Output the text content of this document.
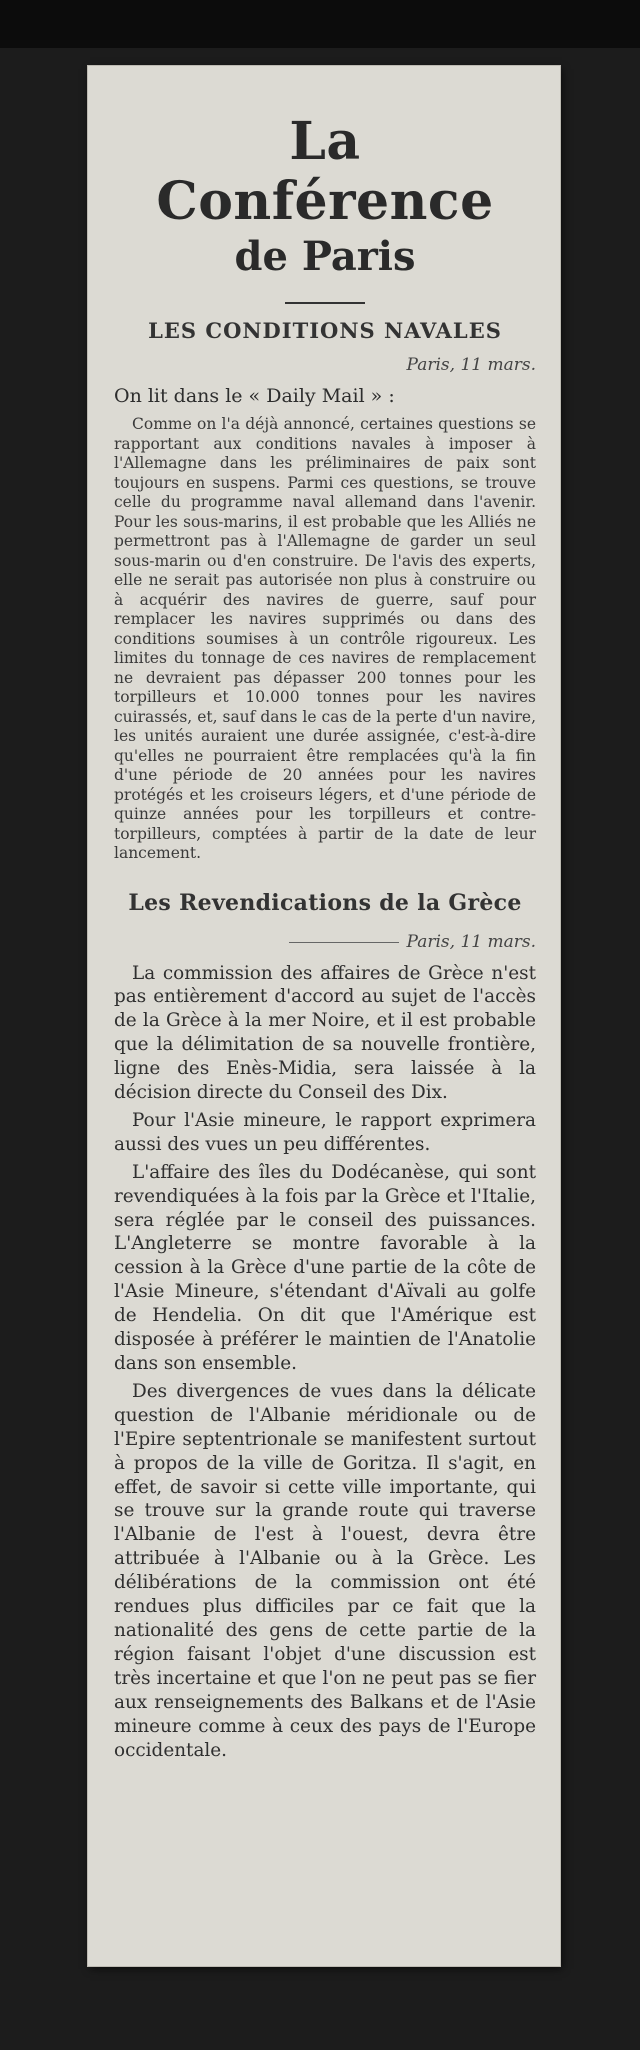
La Conférence
de Paris
LES CONDITIONS NAVALES
Paris, 11 mars.
On lit dans le « Daily Mail » :

Comme on l'a déjà annoncé, certaines questions se rapportant aux conditions navales à imposer à l'Allemagne dans les préliminaires de paix sont toujours en suspens. Parmi ces questions, se trouve celle du programme naval allemand dans l'avenir. Pour les sous-marins, il est probable que les Alliés ne permettront pas à l'Allemagne de garder un seul sous-marin ou d'en construire. De l'avis des experts, elle ne serait pas autorisée non plus à construire ou à acquérir des navires de guerre, sauf pour remplacer les navires supprimés ou dans des conditions soumises à un contrôle rigoureux. Les limites du tonnage de ces navires de remplacement ne devraient pas dépasser 200 tonnes pour les torpilleurs et 10.000 tonnes pour les navires cuirassés, et, sauf dans le cas de la perte d'un navire, les unités auraient une durée assignée, c'est-à-dire qu'elles ne pourraient être remplacées qu'à la fin d'une période de 20 années pour les navires protégés et les croiseurs légers, et d'une période de quinze années pour les torpilleurs et contre-torpilleurs, comptées à partir de la date de leur lancement.

Les Revendications de la Grèce
Paris, 11 mars.

La commission des affaires de Grèce n'est pas entièrement d'accord au sujet de l'accès de la Grèce à la mer Noire, et il est probable que la délimitation de sa nouvelle frontière, ligne des Enès-Midia, sera laissée à la décision directe du Conseil des Dix.

Pour l'Asie mineure, le rapport exprimera aussi des vues un peu différentes.

L'affaire des îles du Dodécanèse, qui sont revendiquées à la fois par la Grèce et l'Italie, sera réglée par le conseil des puissances. L'Angleterre se montre favorable à la cession à la Grèce d'une partie de la côte de l'Asie Mineure, s'étendant d'Aïvali au golfe de Hendelia. On dit que l'Amérique est disposée à préférer le maintien de l'Anatolie dans son ensemble.

Des divergences de vues dans la délicate question de l'Albanie méridionale ou de l'Epire septentrionale se manifestent surtout à propos de la ville de Goritza. Il s'agit, en effet, de savoir si cette ville importante, qui se trouve sur la grande route qui traverse l'Albanie de l'est à l'ouest, devra être attribuée à l'Albanie ou à la Grèce. Les délibérations de la commission ont été rendues plus difficiles par ce fait que la nationalité des gens de cette partie de la région faisant l'objet d'une discussion est très incertaine et que l'on ne peut pas se fier aux renseignements des Balkans et de l'Asie mineure comme à ceux des pays de l'Europe occidentale.
